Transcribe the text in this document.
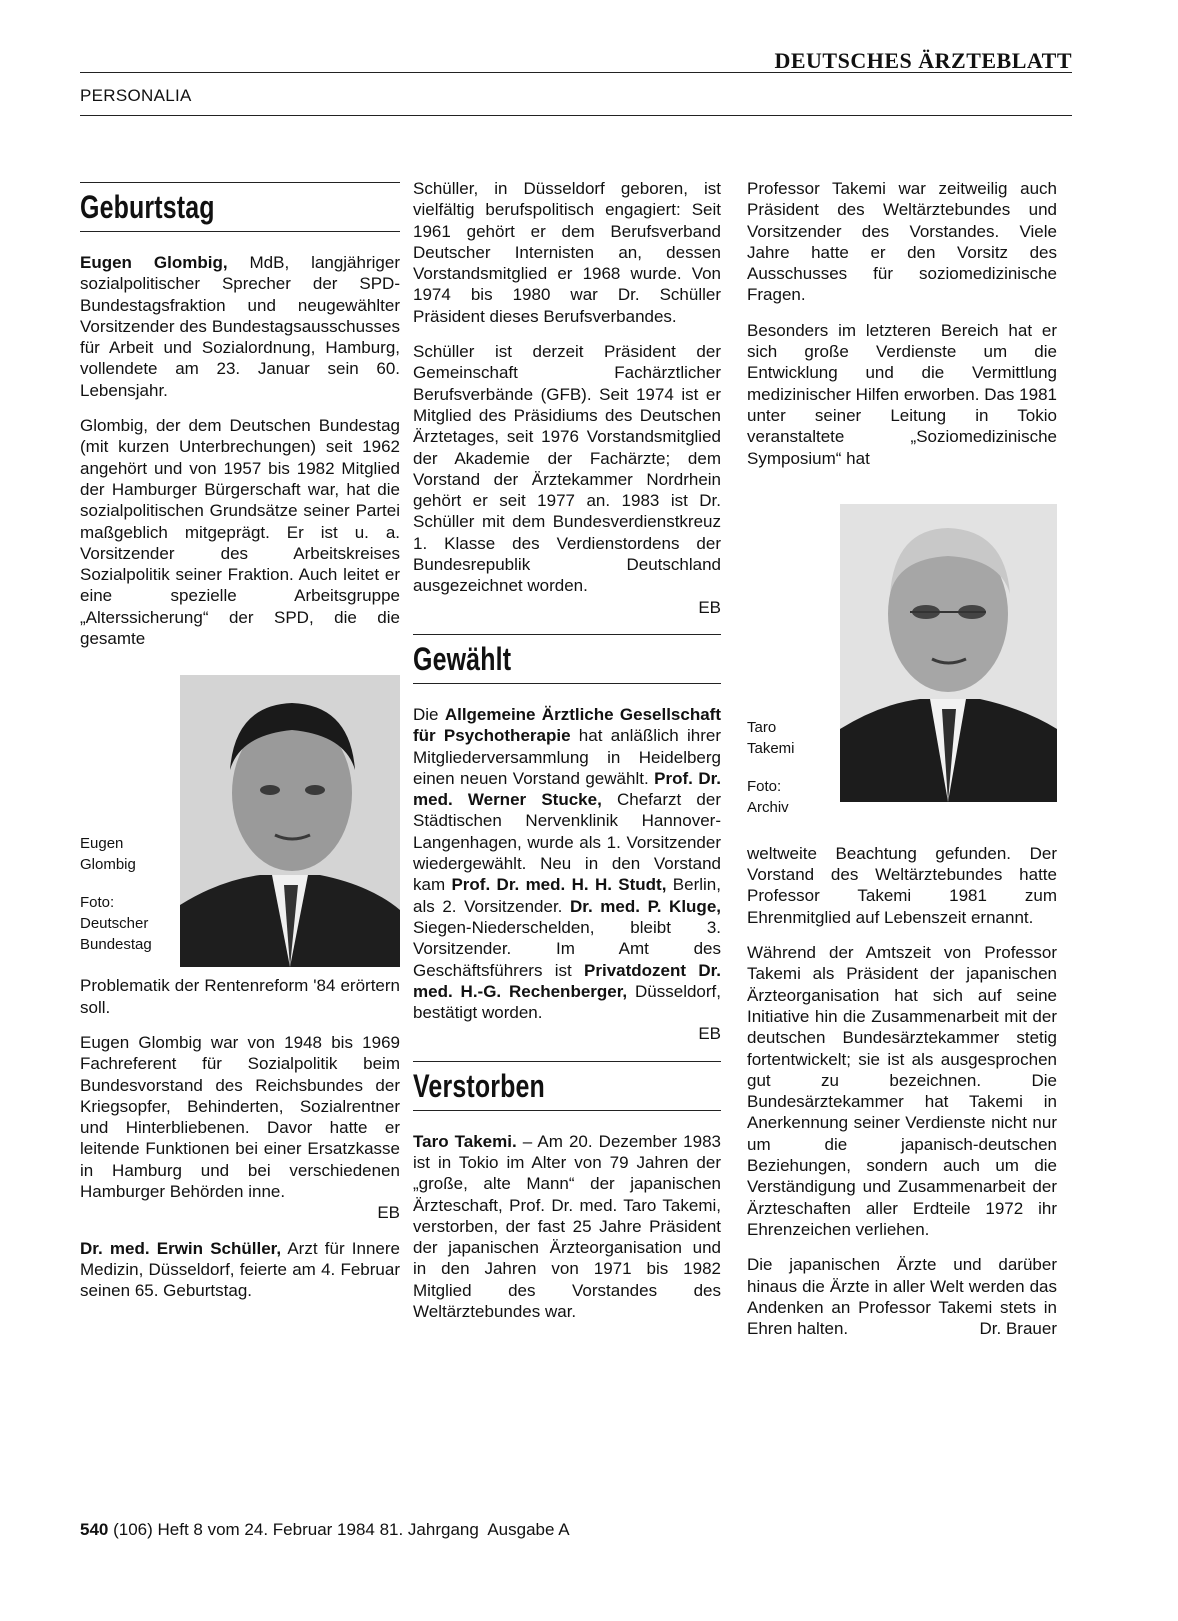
DEUTSCHES ÄRZTEBLATT
PERSONALIA
Geburtstag

Eugen Glombig, MdB, langjähriger sozialpolitischer Sprecher der SPD-Bundestagsfraktion und neugewählter Vorsitzender des Bundestagsausschusses für Arbeit und Sozialordnung, Hamburg, vollendete am 23. Januar sein 60. Lebensjahr.

Glombig, der dem Deutschen Bundestag (mit kurzen Unterbrechungen) seit 1962 angehört und von 1957 bis 1982 Mitglied der Hamburger Bürgerschaft war, hat die sozialpolitischen Grundsätze seiner Partei maßgeblich mitgeprägt. Er ist u. a. Vorsitzender des Arbeitskreises Sozialpolitik seiner Fraktion. Auch leitet er eine spezielle Arbeitsgruppe „Alterssicherung“ der SPD, die die gesamte

Eugen
Glombig
Foto:
Deutscher
Bundestag

Problematik der Rentenreform '84 erörtern soll.

Eugen Glombig war von 1948 bis 1969 Fachreferent für Sozialpolitik beim Bundesvorstand des Reichsbundes der Kriegsopfer, Behinderten, Sozialrentner und Hinterbliebenen. Davor hatte er leitende Funktionen bei einer Ersatzkasse in Hamburg und bei verschiedenen Hamburger Behörden inne.
EB

Dr. med. Erwin Schüller, Arzt für Innere Medizin, Düsseldorf, feierte am 4. Februar seinen 65. Geburtstag.

Schüller, in Düsseldorf geboren, ist vielfältig berufspolitisch engagiert: Seit 1961 gehört er dem Berufsverband Deutscher Internisten an, dessen Vorstandsmitglied er 1968 wurde. Von 1974 bis 1980 war Dr. Schüller Präsident dieses Berufsverbandes.

Schüller ist derzeit Präsident der Gemeinschaft Fachärztlicher Berufsverbände (GFB). Seit 1974 ist er Mitglied des Präsidiums des Deutschen Ärztetages, seit 1976 Vorstandsmitglied der Akademie der Fachärzte; dem Vorstand der Ärztekammer Nordrhein gehört er seit 1977 an. 1983 ist Dr. Schüller mit dem Bundesverdienstkreuz 1. Klasse des Verdienstordens der Bundesrepublik Deutschland ausgezeichnet worden.
EB

Gewählt

Die Allgemeine Ärztliche Gesellschaft für Psychotherapie hat anläßlich ihrer Mitgliederversammlung in Heidelberg einen neuen Vorstand gewählt. Prof. Dr. med. Werner Stucke, Chefarzt der Städtischen Nervenklinik Hannover-Langenhagen, wurde als 1. Vorsitzender wiedergewählt. Neu in den Vorstand kam Prof. Dr. med. H. H. Studt, Berlin, als 2. Vorsitzender. Dr. med. P. Kluge, Siegen-Niederschelden, bleibt 3. Vorsitzender. Im Amt des Geschäftsführers ist Privatdozent Dr. med. H.-G. Rechenberger, Düsseldorf, bestätigt worden.
EB

Verstorben

Taro Takemi. – Am 20. Dezember 1983 ist in Tokio im Alter von 79 Jahren der „große, alte Mann“ der japanischen Ärzteschaft, Prof. Dr. med. Taro Takemi, verstorben, der fast 25 Jahre Präsident der japanischen Ärzteorganisation und in den Jahren von 1971 bis 1982 Mitglied des Vorstandes des Weltärztebundes war.

Professor Takemi war zeitweilig auch Präsident des Weltärztebundes und Vorsitzender des Vorstandes. Viele Jahre hatte er den Vorsitz des Ausschusses für soziomedizinische Fragen.

Besonders im letzteren Bereich hat er sich große Verdienste um die Entwicklung und die Vermittlung medizinischer Hilfen erworben. Das 1981 unter seiner Leitung in Tokio veranstaltete „Soziomedizinische Symposium“ hat

Taro
Takemi
Foto:
Archiv

weltweite Beachtung gefunden. Der Vorstand des Weltärztebundes hatte Professor Takemi 1981 zum Ehrenmitglied auf Lebenszeit ernannt.

Während der Amtszeit von Professor Takemi als Präsident der japanischen Ärzteorganisation hat sich auf seine Initiative hin die Zusammenarbeit mit der deutschen Bundesärztekammer stetig fortentwickelt; sie ist als ausgesprochen gut zu bezeichnen. Die Bundesärztekammer hat Takemi in Anerkennung seiner Verdienste nicht nur um die japanisch-deutschen Beziehungen, sondern auch um die Verständigung und Zusammenarbeit der Ärzteschaften aller Erdteile 1972 ihr Ehrenzeichen verliehen.

Die japanischen Ärzte und darüber hinaus die Ärzte in aller Welt werden das Andenken an Professor Takemi stets in Ehren halten.	Dr. Brauer

540 (106) Heft 8 vom 24. Februar 1984 81. Jahrgang  Ausgabe A
